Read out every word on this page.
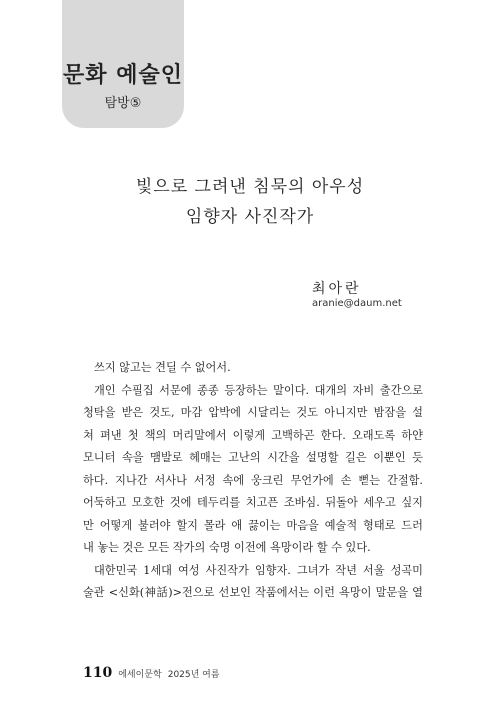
문화 예술인
탐방⑤
빛으로 그려낸 침묵의 아우성
임향자 사진작가
최아란
aranie@daum.net
쓰지 않고는 견딜 수 없어서.
개인 수필집 서문에 종종 등장하는 말이다. 대개의 자비 출간으로
청탁을 받은 것도, 마감 압박에 시달리는 것도 아니지만 밤잠을 설
쳐 펴낸 첫 책의 머리말에서 이렇게 고백하곤 한다. 오래도록 하얀
모니터 속을 맴발로 헤매는 고난의 시간을 설명할 길은 이뿐인 듯
하다. 지나간 서사나 서정 속에 웅크린 무언가에 손 뻗는 간절함.
어둑하고 모호한 것에 테두리를 치고픈 조바심. 뒤돌아 세우고 싶지
만 어떻게 불러야 할지 몰라 애 끓이는 마음을 예술적 형태로 드러
내 놓는 것은 모든 작가의 숙명 이전에 욕망이라 할 수 있다.
대한민국 1세대 여성 사진작가 임향자. 그녀가 작년 서울 성곡미
술관 <신화(神話)>전으로 선보인 작품에서는 이런 욕망이 말문을 열
110 에세이문학 2025년 여름
